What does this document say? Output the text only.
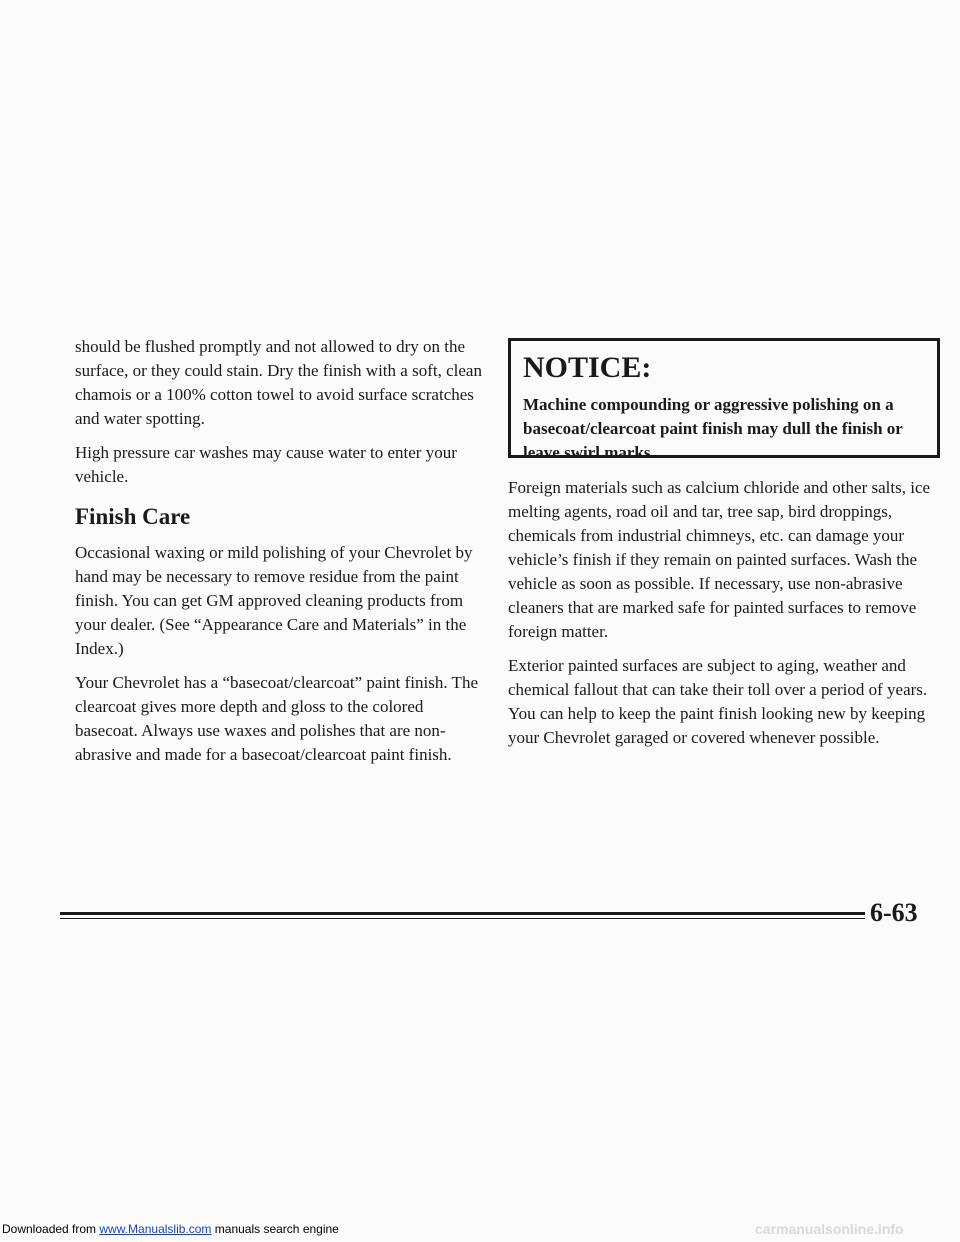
should be flushed promptly and not allowed to dry on the surface, or they could stain. Dry the finish with a soft, clean chamois or a 100% cotton towel to avoid surface scratches and water spotting.

High pressure car washes may cause water to enter your vehicle.

Finish Care

Occasional waxing or mild polishing of your Chevrolet by hand may be necessary to remove residue from the paint finish. You can get GM approved cleaning products from your dealer. (See “Appearance Care and Materials” in the Index.)

Your Chevrolet has a “basecoat/clearcoat” paint finish. The clearcoat gives more depth and gloss to the colored basecoat. Always use waxes and polishes that are non-abrasive and made for a basecoat/clearcoat paint finish.

NOTICE:
Machine compounding or aggressive polishing on a basecoat/clearcoat paint finish may dull the finish or leave swirl marks.

Foreign materials such as calcium chloride and other salts, ice melting agents, road oil and tar, tree sap, bird droppings, chemicals from industrial chimneys, etc. can damage your vehicle’s finish if they remain on painted surfaces. Wash the vehicle as soon as possible. If necessary, use non-abrasive cleaners that are marked safe for painted surfaces to remove foreign matter.

Exterior painted surfaces are subject to aging, weather and chemical fallout that can take their toll over a period of years. You can help to keep the paint finish looking new by keeping your Chevrolet garaged or covered whenever possible.

6-63
Downloaded from www.Manualslib.com manuals search engine	carmanualsonline.info
